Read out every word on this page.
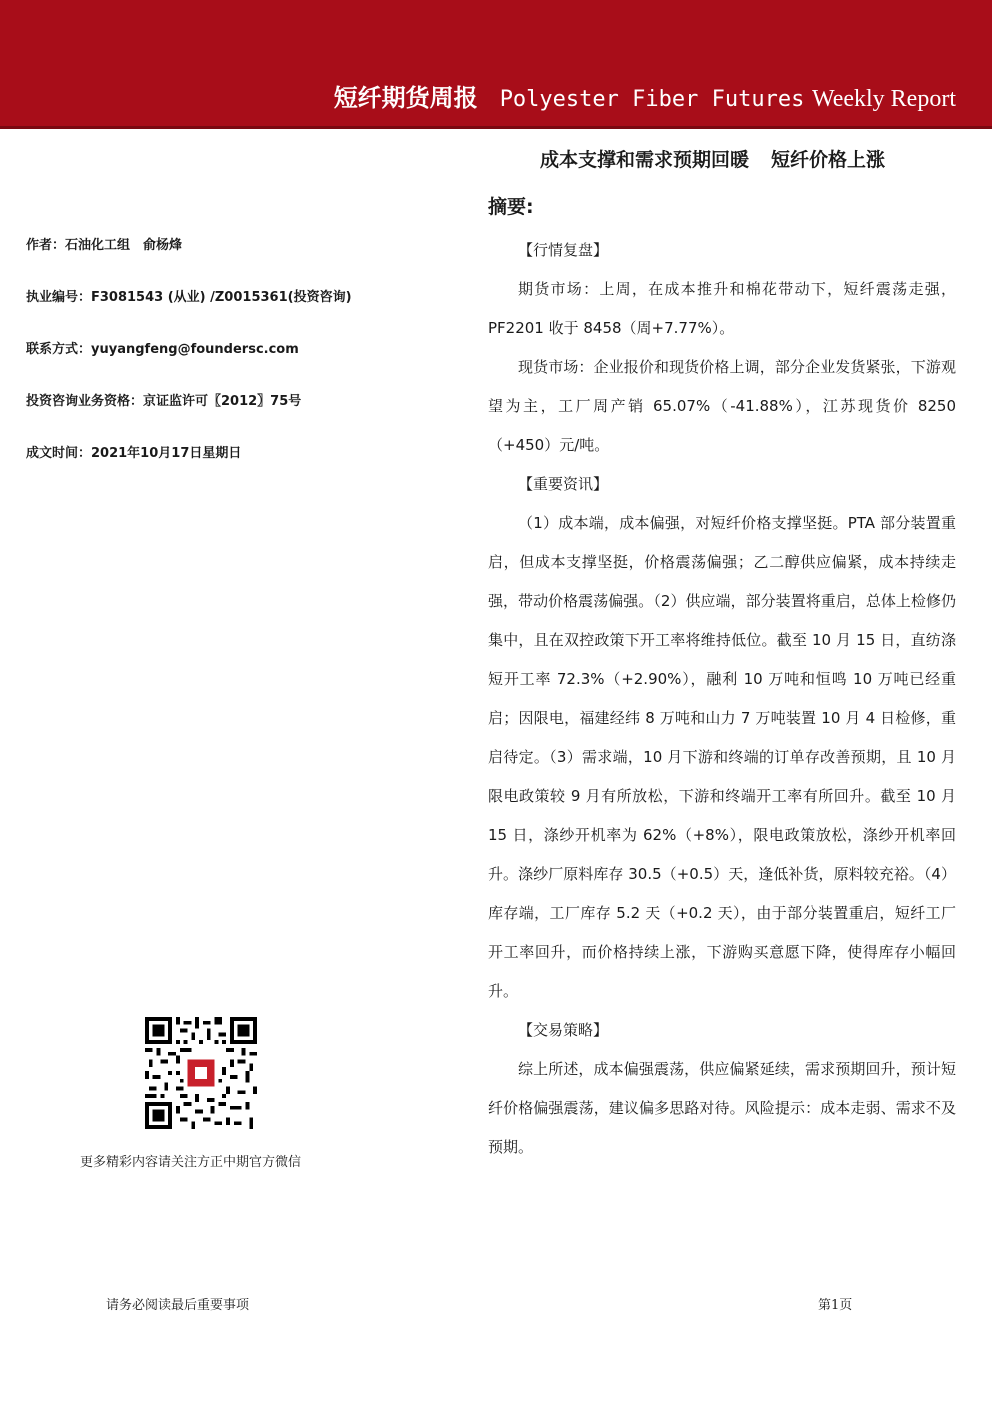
短纤期货周报 Polyester Fiber Futures Weekly Report
成本支撑和需求预期回暖 短纤价格上涨
摘要:
作者：石油化工组　俞杨烽
执业编号：F3081543 (从业) /Z0015361(投资咨询)
联系方式：yuyangfeng@foundersc.com
投资咨询业务资格：京证监许可〖2012〗75号
成文时间：2021年10月17日星期日

【行情复盘】

期货市场：上周，在成本推升和棉花带动下，短纤震荡走强，PF2201 收于 8458（周+7.77%）。

现货市场：企业报价和现货价格上调，部分企业发货紧张，下游观望为主，工厂周产销 65.07%（-41.88%），江苏现货价 8250（+450）元/吨。

【重要资讯】

（1）成本端，成本偏强，对短纤价格支撑坚挺。PTA 部分装置重启，但成本支撑坚挺，价格震荡偏强；乙二醇供应偏紧，成本持续走强，带动价格震荡偏强。（2）供应端，部分装置将重启，总体上检修仍集中，且在双控政策下开工率将维持低位。截至 10 月 15 日，直纺涤短开工率 72.3%（+2.90%），融利 10 万吨和恒鸣 10 万吨已经重启；因限电，福建经纬 8 万吨和山力 7 万吨装置 10 月 4 日检修，重启待定。（3）需求端，10 月下游和终端的订单存改善预期，且 10 月限电政策较 9 月有所放松，下游和终端开工率有所回升。截至 10 月 15 日，涤纱开机率为 62%（+8%），限电政策放松，涤纱开机率回升。涤纱厂原料库存 30.5（+0.5）天，逢低补货，原料较充裕。（4）库存端，工厂库存 5.2 天（+0.2 天），由于部分装置重启，短纤工厂开工率回升，而价格持续上涨，下游购买意愿下降，使得库存小幅回升。

【交易策略】

综上所述，成本偏强震荡，供应偏紧延续，需求预期回升，预计短纤价格偏强震荡，建议偏多思路对待。风险提示：成本走弱、需求不及预期。

更多精彩内容请关注方正中期官方微信
请务必阅读最后重要事项	第1页
